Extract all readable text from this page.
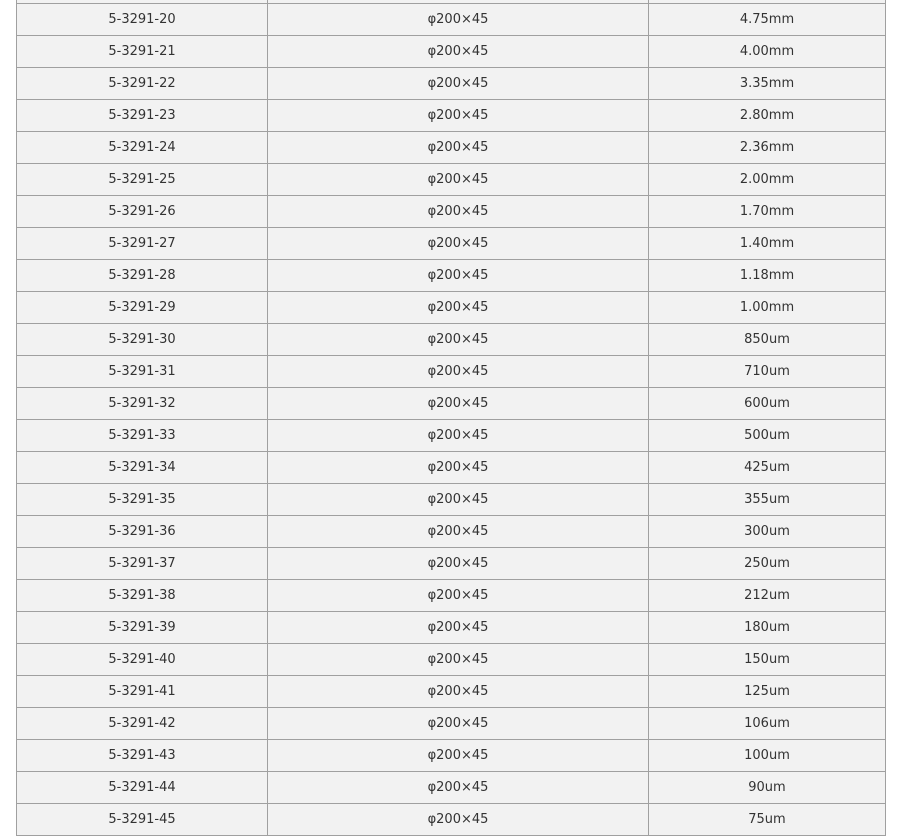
5-3291-20	φ200×45	4.75mm
5-3291-21	φ200×45	4.00mm
5-3291-22	φ200×45	3.35mm
5-3291-23	φ200×45	2.80mm
5-3291-24	φ200×45	2.36mm
5-3291-25	φ200×45	2.00mm
5-3291-26	φ200×45	1.70mm
5-3291-27	φ200×45	1.40mm
5-3291-28	φ200×45	1.18mm
5-3291-29	φ200×45	1.00mm
5-3291-30	φ200×45	850um
5-3291-31	φ200×45	710um
5-3291-32	φ200×45	600um
5-3291-33	φ200×45	500um
5-3291-34	φ200×45	425um
5-3291-35	φ200×45	355um
5-3291-36	φ200×45	300um
5-3291-37	φ200×45	250um
5-3291-38	φ200×45	212um
5-3291-39	φ200×45	180um
5-3291-40	φ200×45	150um
5-3291-41	φ200×45	125um
5-3291-42	φ200×45	106um
5-3291-43	φ200×45	100um
5-3291-44	φ200×45	90um
5-3291-45	φ200×45	75um
